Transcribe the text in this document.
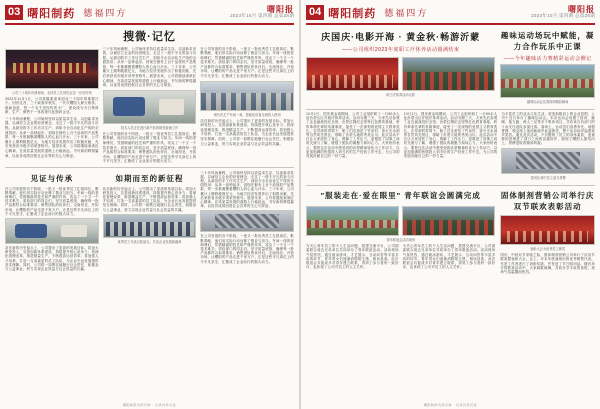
03 曙阳制药 德福四方	曙阳报
2023年10月 第四期 总第28期
搜微·记忆
公司三十周年庆典现场，全体员工共同见证这一历史时刻
2023年11月1日，公司将隆重迎来创业三十周年的重要日子。回首往昔，三十载春华秋实，一代代曙阳人薪火相传、砥砺奋进，把一个名不见经传的小厂，建设成为今日集科研、生产、销售于一体的现代化制药企业。
三十年风雨兼程，公司始终坚持以质量求生存、以创新求发展、以诚信立企业的经营理念，走过了一段不平凡的奋斗历程。从最初的手工作坊式生产，到如今全自动化生产线的全面投用；从单一品种起步，到现在拥有上百个品规的产品集群，每一步都凝聚着曙阳人的心血与汗水。三十年来，公司累计上缴利税数亿元，为地方经济发展作出了积极贡献，先后荣获省市级多项荣誉称号。展望未来，公司将继续秉承匠心精神，在高质量发展的道路上行稳致远，书写新的辉煌篇章，以优异成绩回报社会各界的关心与厚爱。
三十年风雨兼程，公司始终坚持以质量求生存、以创新求发展、以诚信立企业的经营理念，走过了一段不平凡的奋斗历程。从最初的手工作坊式生产，到如今全自动化生产线的全面投用；从单一品种起步，到现在拥有上百个品规的产品集群，每一步都凝聚着曙阳人的心血与汗水。三十年来，公司累计上缴利税数亿元，为地方经济发展作出了积极贡献，先后荣获省市级多项荣誉称号。展望未来，公司将继续秉承匠心精神，在高质量发展的道路上行稳致远，书写新的辉煌篇章，以优异成绩回报社会各界的关心与厚爱。
技术人员正在进行新产品的研发检测工作
在公司发展的各个阶段，一批又一批优秀员工扎根岗位、默默奉献，他们用实际行动诠释了敬业与担当。车间一线的老师傅们，凭借精湛的技艺和严谨的作风，攻克了一个又一个技术难关；质检部门的同志们，坚守质量底线，确保每一批产品都符合标准要求；销售团队的伙伴们，走南闯北、开拓市场，让曙阳的产品走进千家万户。正是这些平凡岗位上的不平凡坚守，汇聚成了企业前行的强大动力。
在公司发展的各个阶段，一批又一批优秀员工扎根岗位、默默奉献，他们用实际行动诠释了敬业与担当。车间一线的老师傅们，凭借精湛的技艺和严谨的作风，攻克了一个又一个技术难关；质检部门的同志们，坚守质量底线，确保每一批产品都符合标准要求；销售团队的伙伴们，走南闯北、开拓市场，让曙阳的产品走进千家万户。正是这些平凡岗位上的不平凡坚守，汇聚成了企业前行的强大动力。
现代化生产车间一角，智能化设备全面投入使用
站在新的历史起点上，公司提出了更高的发展目标。将加大研发投入，完善创新体系建设，持续提升核心竞争力；将深化管理变革，推进精益生产，不断提高运营效率；将加强人才培养，打造一支高素质的员工队伍，为企业长远发展提供坚实保障。同时，公司将一如既往地履行社会责任，积极参与公益事业，努力实现企业效益与社会效益的共赢。
见证与传承
在公司发展的各个阶段，一批又一批优秀员工扎根岗位、默默奉献，他们用实际行动诠释了敬业与担当。车间一线的老师傅们，凭借精湛的技艺和严谨的作风，攻克了一个又一个技术难关；质检部门的同志们，坚守质量底线，确保每一批产品都符合标准要求；销售团队的伙伴们，走南闯北、开拓市场，让曙阳的产品走进千家万户。正是这些平凡岗位上的不平凡坚守，汇聚成了企业前行的强大动力。
站在新的历史起点上，公司提出了更高的发展目标。将加大研发投入，完善创新体系建设，持续提升核心竞争力；将深化管理变革，推进精益生产，不断提高运营效率；将加强人才培养，打造一支高素质的员工队伍，为企业长远发展提供坚实保障。同时，公司将一如既往地履行社会责任，积极参与公益事业，努力实现企业效益与社会效益的共赢。
如期而至的新征程
站在新的历史起点上，公司提出了更高的发展目标。将加大研发投入，完善创新体系建设，持续提升核心竞争力；将深化管理变革，推进精益生产，不断提高运营效率；将加强人才培养，打造一支高素质的员工队伍，为企业长远发展提供坚实保障。同时，公司将一如既往地履行社会责任，积极参与公益事业，努力实现企业效益与社会效益的共赢。
优秀员工代表合影留念，共话企业发展新篇章
三十年风雨兼程，公司始终坚持以质量求生存、以创新求发展、以诚信立企业的经营理念，走过了一段不平凡的奋斗历程。从最初的手工作坊式生产，到如今全自动化生产线的全面投用；从单一品种起步，到现在拥有上百个品规的产品集群，每一步都凝聚着曙阳人的心血与汗水。三十年来，公司累计上缴利税数亿元，为地方经济发展作出了积极贡献，先后荣获省市级多项荣誉称号。展望未来，公司将继续秉承匠心精神，在高质量发展的道路上行稳致远，书写新的辉煌篇章，以优异成绩回报社会各界的关心与厚爱。
在公司发展的各个阶段，一批又一批优秀员工扎根岗位、默默奉献，他们用实际行动诠释了敬业与担当。车间一线的老师傅们，凭借精湛的技艺和严谨的作风，攻克了一个又一个技术难关；质检部门的同志们，坚守质量底线，确保每一批产品都符合标准要求；销售团队的伙伴们，走南闯北、开拓市场，让曙阳的产品走进千家万户。正是这些平凡岗位上的不平凡坚守，汇聚成了企业前行的强大动力。
曙阳制药内部刊物 · 仅供内部交流
04 曙阳制药 德福四方	曙阳报
2023年10月 第四期 总第28期
庆国庆·电影开海 · 黄金秋·畅游沂蒙
——公司组织2023年度职工疗休养活动圆满结束
职工疗休养活动合影
趣味运动场玩中赋能，凝力合作玩乐中正课
——今年趣味活力赛精彩运动会侧记
趣味运动会比赛现场精彩瞬间
10月1日，国庆黄金周期间，公司工会组织职工一行50余人赴沂蒙山区开展疗休养活动。活动为期三天，大家先后参观了孟良崮战役纪念馆、沂蒙红嫂纪念馆等红色教育基地，聆听革命先辈的英雄事迹，接受了一次深刻的爱国主义教育洗礼。在导游的带领下，职工们还游览了竹泉村、萤火虫水洞等自然风光景区，领略了沂蒙大地的秀美山川。此次活动不仅让大家放松了身心、缓解了工作压力，更增进了同事之间的交流与了解，增强了团队的凝聚力和向心力。大家纷纷表示，要把这次活动中感受到的沂蒙精神转化为工作动力，以更加饱满的热情投入到今后的生产经营工作中去，为公司的发展贡献自己的一份力量。
10月1日，国庆黄金周期间，公司工会组织职工一行50余人赴沂蒙山区开展疗休养活动。活动为期三天，大家先后参观了孟良崮战役纪念馆、沂蒙红嫂纪念馆等红色教育基地，聆听革命先辈的英雄事迹，接受了一次深刻的爱国主义教育洗礼。在导游的带领下，职工们还游览了竹泉村、萤火虫水洞等自然风光景区，领略了沂蒙大地的秀美山川。此次活动不仅让大家放松了身心、缓解了工作压力，更增进了同事之间的交流与了解，增强了团队的凝聚力和向心力。大家纷纷表示，要把这次活动中感受到的沂蒙精神转化为工作动力，以更加饱满的热情投入到今后的生产经营工作中去，为公司的发展贡献自己的一份力量。
为丰富员工的业余文化生活，营造积极向上的企业氛围，公司于近日举办了趣味运动会。本次运动会设置了拔河、跳绳、接力跑、两人三足等多个集体项目，共有来自各部门的十余支代表队参加比赛。赛场上，运动员们奋勇争先、顽强拼搏，观众席上加油助威声此起彼伏，整个运动场洋溢着欢声笑语。通过此次活动，不仅锻炼了员工的身体素质，更重要的是增进了部门之间的沟通协作，展现了曙阳人团结向上、拼搏进取的精神风貌。
拔河比赛中员工奋力拼搏
"服装走在·爱在眼里" 青年联谊会圆满完成
青年联谊会活动现场
为关心青年员工的个人生活问题，搭建交流平台，公司团委联合周边兄弟单位共同举办了青年联谊活动。活动现场气氛热烈，通过破冰游戏、才艺展示、互动问答等丰富多彩的环节，青年男女们逐渐消除陌生感，相谈甚欢。此次联谊会共促成多对青年建立联系，得到了参与者的一致好评，也体现了公司对员工的人文关怀。
为关心青年员工的个人生活问题，搭建交流平台，公司团委联合周边兄弟单位共同举办了青年联谊活动。活动现场气氛热烈，通过破冰游戏、才艺展示、互动问答等丰富多彩的环节，青年男女们逐渐消除陌生感，相谈甚欢。此次联谊会共促成多对青年建立联系，得到了参与者的一致好评，也体现了公司对员工的人文关怀。
固体制剂营销公司举行庆双节联欢表彰活动
表彰大会为优秀员工颁奖
国庆、中秋双节来临之际，固体制剂营销公司举行了庆双节联欢暨表彰大会。会上，对本年度涌现出的优秀销售代表、先进工作者进行了表彰奖励，并发放了节日慰问品。随后举行的联欢活动中，大家载歌载舞，共同分享丰收的喜悦，现场气氛温馨而热烈。
曙阳制药内部刊物 · 仅供内部交流
